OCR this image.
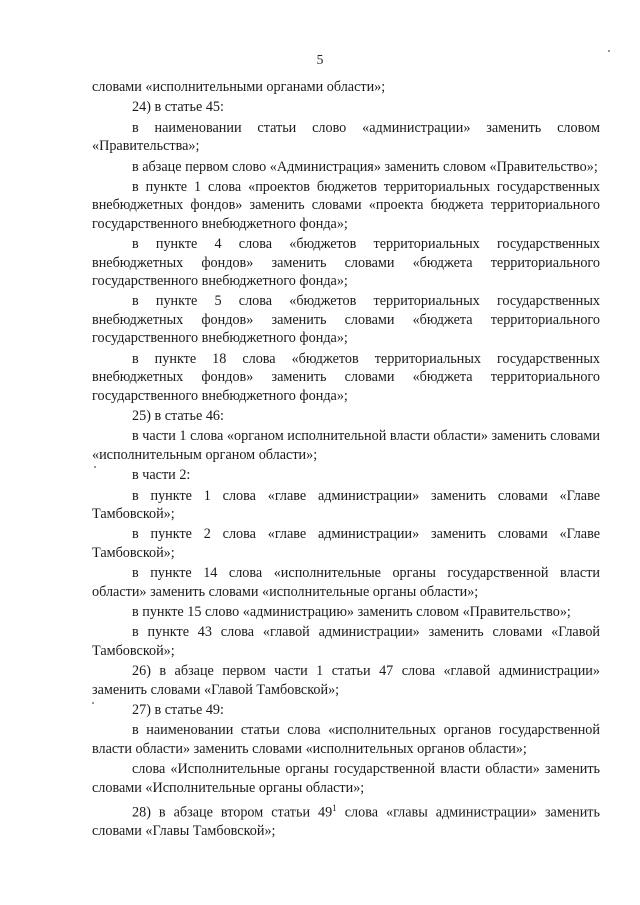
5

словами «исполнительными органами области»;

24) в статье 45:

в наименовании статьи слово «администрации» заменить словом «Правительства»;

в абзаце первом слово «Администрация» заменить словом «Правительство»;

в пункте 1 слова «проектов бюджетов территориальных государственных внебюджетных фондов» заменить словами «проекта бюджета территориального государственного внебюджетного фонда»;

в пункте 4 слова «бюджетов территориальных государственных внебюджетных фондов» заменить словами «бюджета территориального государственного внебюджетного фонда»;

в пункте 5 слова «бюджетов территориальных государственных внебюджетных фондов» заменить словами «бюджета территориального государственного внебюджетного фонда»;

в пункте 18 слова «бюджетов территориальных государственных внебюджетных фондов» заменить словами «бюджета территориального государственного внебюджетного фонда»;

25) в статье 46:

в части 1 слова «органом исполнительной власти области» заменить словами «исполнительным органом области»;

в части 2:

в пункте 1 слова «главе администрации» заменить словами «Главе Тамбовской»;

в пункте 2 слова «главе администрации» заменить словами «Главе Тамбовской»;

в пункте 14 слова «исполнительные органы государственной власти области» заменить словами «исполнительные органы области»;

в пункте 15 слово «администрацию» заменить словом «Правительство»;

в пункте 43 слова «главой администрации» заменить словами «Главой Тамбовской»;

26) в абзаце первом части 1 статьи 47 слова «главой администрации» заменить словами «Главой Тамбовской»;

27) в статье 49:

в наименовании статьи слова «исполнительных органов государственной власти области» заменить словами «исполнительных органов области»;

слова «Исполнительные органы государственной власти области» заменить словами «Исполнительные органы области»;

28) в абзаце втором статьи $49^1$ слова «главы администрации» заменить словами «Главы Тамбовской»;
